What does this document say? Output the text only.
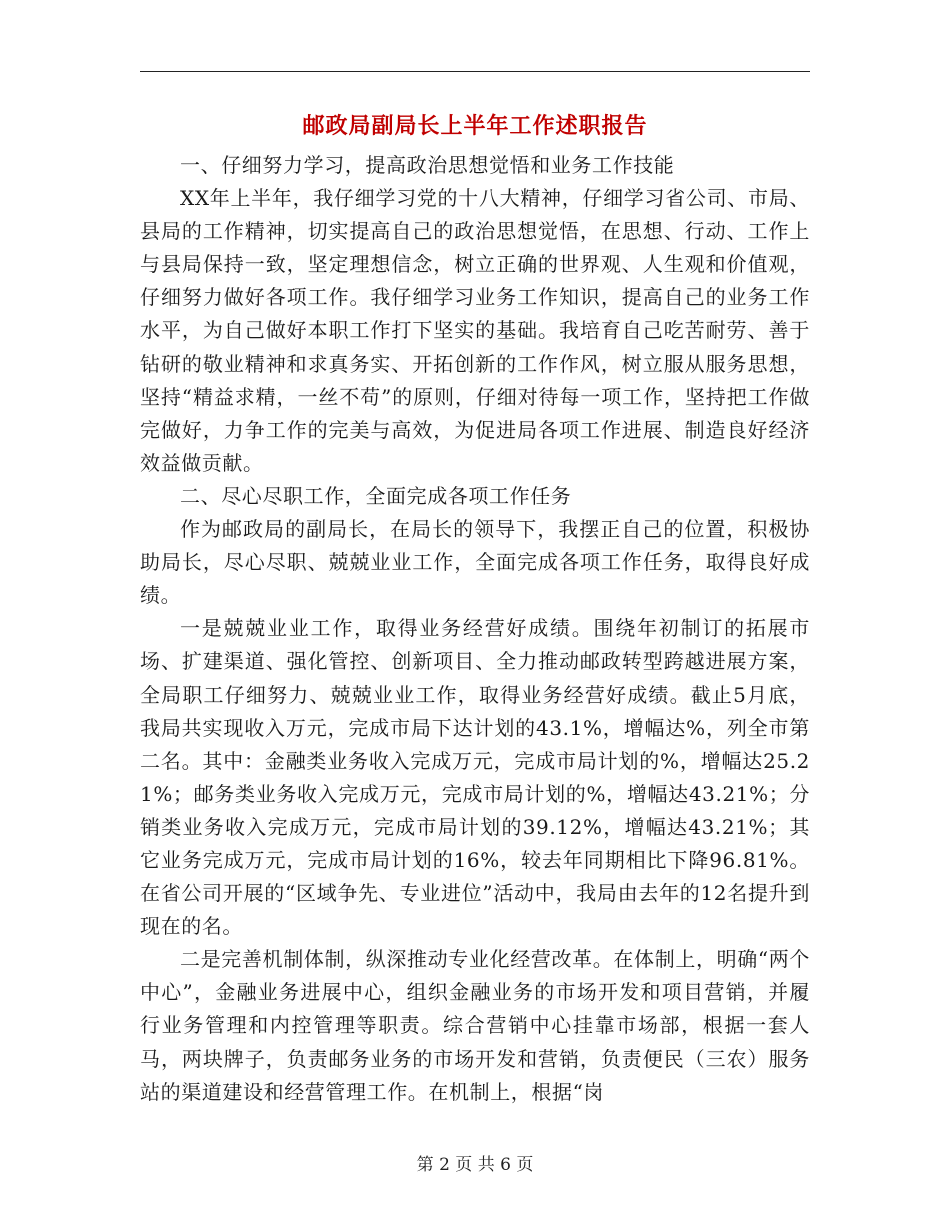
邮政局副局长上半年工作述职报告

一、仔细努力学习，提高政治思想觉悟和业务工作技能

XX年上半年，我仔细学习党的十八大精神，仔细学习省公司、市局、县局的工作精神，切实提高自己的政治思想觉悟，在思想、行动、工作上与县局保持一致，坚定理想信念，树立正确的世界观、人生观和价值观，仔细努力做好各项工作。我仔细学习业务工作知识，提高自己的业务工作水平，为自己做好本职工作打下坚实的基础。我培育自己吃苦耐劳、善于钻研的敬业精神和求真务实、开拓创新的工作作风，树立服从服务思想，坚持“精益求精，一丝不苟”的原则，仔细对待每一项工作，坚持把工作做完做好，力争工作的完美与高效，为促进局各项工作进展、制造良好经济效益做贡献。

二、尽心尽职工作，全面完成各项工作任务

作为邮政局的副局长，在局长的领导下，我摆正自己的位置，积极协助局长，尽心尽职、兢兢业业工作，全面完成各项工作任务，取得良好成绩。

一是兢兢业业工作，取得业务经营好成绩。围绕年初制订的拓展市场、扩建渠道、强化管控、创新项目、全力推动邮政转型跨越进展方案，全局职工仔细努力、兢兢业业工作，取得业务经营好成绩。截止5月底，我局共实现收入万元，完成市局下达计划的43.1%，增幅达%，列全市第二名。其中：金融类业务收入完成万元，完成市局计划的%，增幅达25.21%；邮务类业务收入完成万元，完成市局计划的%，增幅达43.21%；分销类业务收入完成万元，完成市局计划的39.12%，增幅达43.21%；其它业务完成万元，完成市局计划的16%，较去年同期相比下降96.81%。在省公司开展的“区域争先、专业进位”活动中，我局由去年的12名提升到现在的名。

二是完善机制体制，纵深推动专业化经营改革。在体制上，明确“两个中心”，金融业务进展中心，组织金融业务的市场开发和项目营销，并履行业务管理和内控管理等职责。综合营销中心挂靠市场部，根据一套人马，两块牌子，负责邮务业务的市场开发和营销，负责便民（三农）服务站的渠道建设和经营管理工作。在机制上，根据“岗

第 2 页 共 6 页
